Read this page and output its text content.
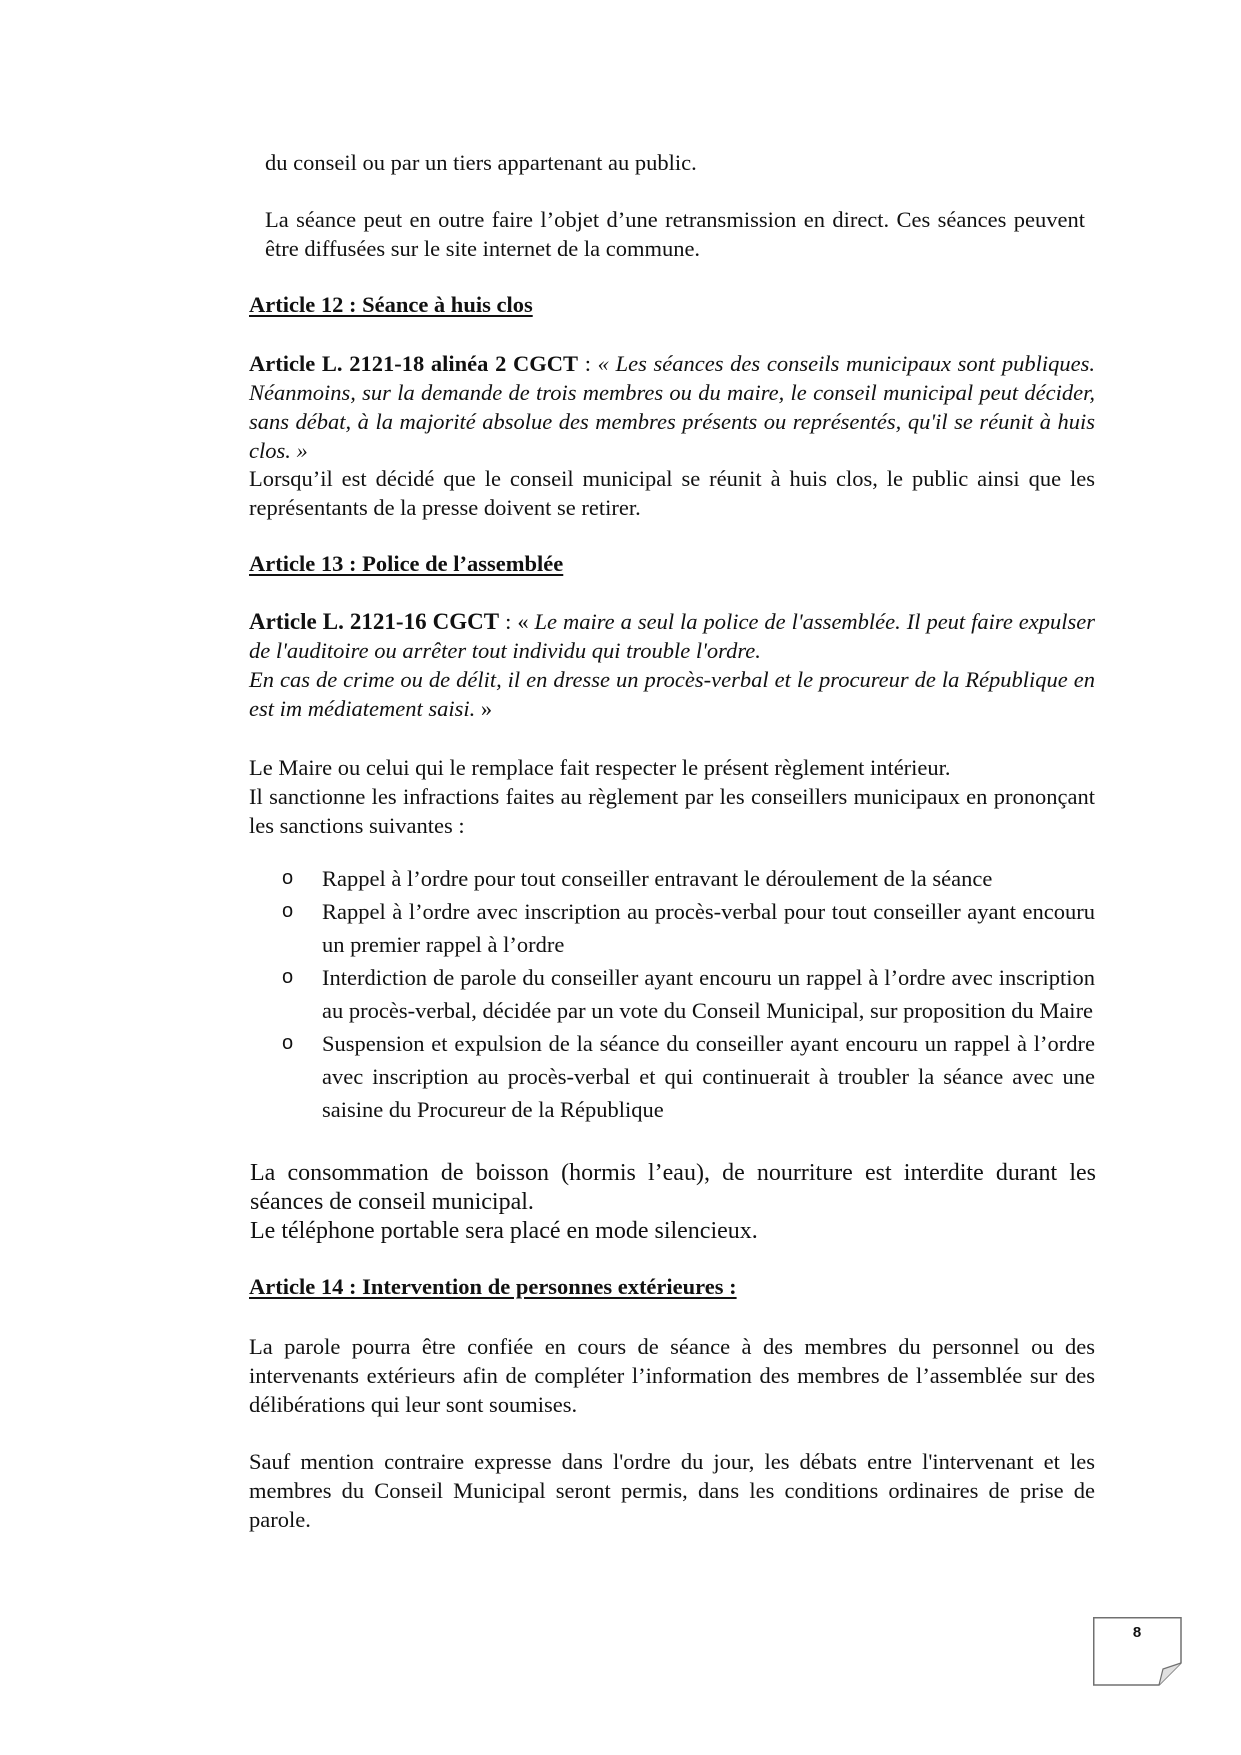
du conseil ou par un tiers appartenant au public.

La séance peut en outre faire l’objet d’une retransmission en direct. Ces séances peuvent être diffusées sur le site internet de la commune.

Article 12 : Séance à huis clos

Article L. 2121-18 alinéa 2 CGCT : « Les séances des conseils municipaux sont publiques. Néanmoins, sur la demande de trois membres ou du maire, le conseil municipal peut décider, sans débat, à la majorité absolue des membres présents ou représentés, qu'il se réunit à huis clos. »

Lorsqu’il est décidé que le conseil municipal se réunit à huis clos, le public ainsi que les représentants de la presse doivent se retirer.

Article 13 : Police de l’assemblée

Article L. 2121-16 CGCT : « Le maire a seul la police de l'assemblée. Il peut faire expulser de l'auditoire ou arrêter tout individu qui trouble l'ordre.
En cas de crime ou de délit, il en dresse un procès-verbal et le procureur de la République en est im médiatement saisi. »

Le Maire ou celui qui le remplace fait respecter le présent règlement intérieur.

Il sanctionne les infractions faites au règlement par les conseillers municipaux en prononçant les sanctions suivantes :

o Rappel à l’ordre pour tout conseiller entravant le déroulement de la séance
o Rappel à l’ordre avec inscription au procès-verbal pour tout conseiller ayant encouru un premier rappel à l’ordre
o Interdiction de parole du conseiller ayant encouru un rappel à l’ordre avec inscription au procès-verbal, décidée par un vote du Conseil Municipal, sur proposition du Maire
o Suspension et expulsion de la séance du conseiller ayant encouru un rappel à l’ordre avec inscription au procès-verbal et qui continuerait à troubler la séance avec une saisine du Procureur de la République

La consommation de boisson (hormis l’eau), de nourriture est interdite durant les séances de conseil municipal.

Le téléphone portable sera placé en mode silencieux.

Article 14 : Intervention de personnes extérieures :

La parole pourra être confiée en cours de séance à des membres du personnel ou des intervenants extérieurs afin de compléter l’information des membres de l’assemblée sur des délibérations qui leur sont soumises.

Sauf mention contraire expresse dans l'ordre du jour, les débats entre l'intervenant et les membres du Conseil Municipal seront permis, dans les conditions ordinaires de prise de parole.

8
